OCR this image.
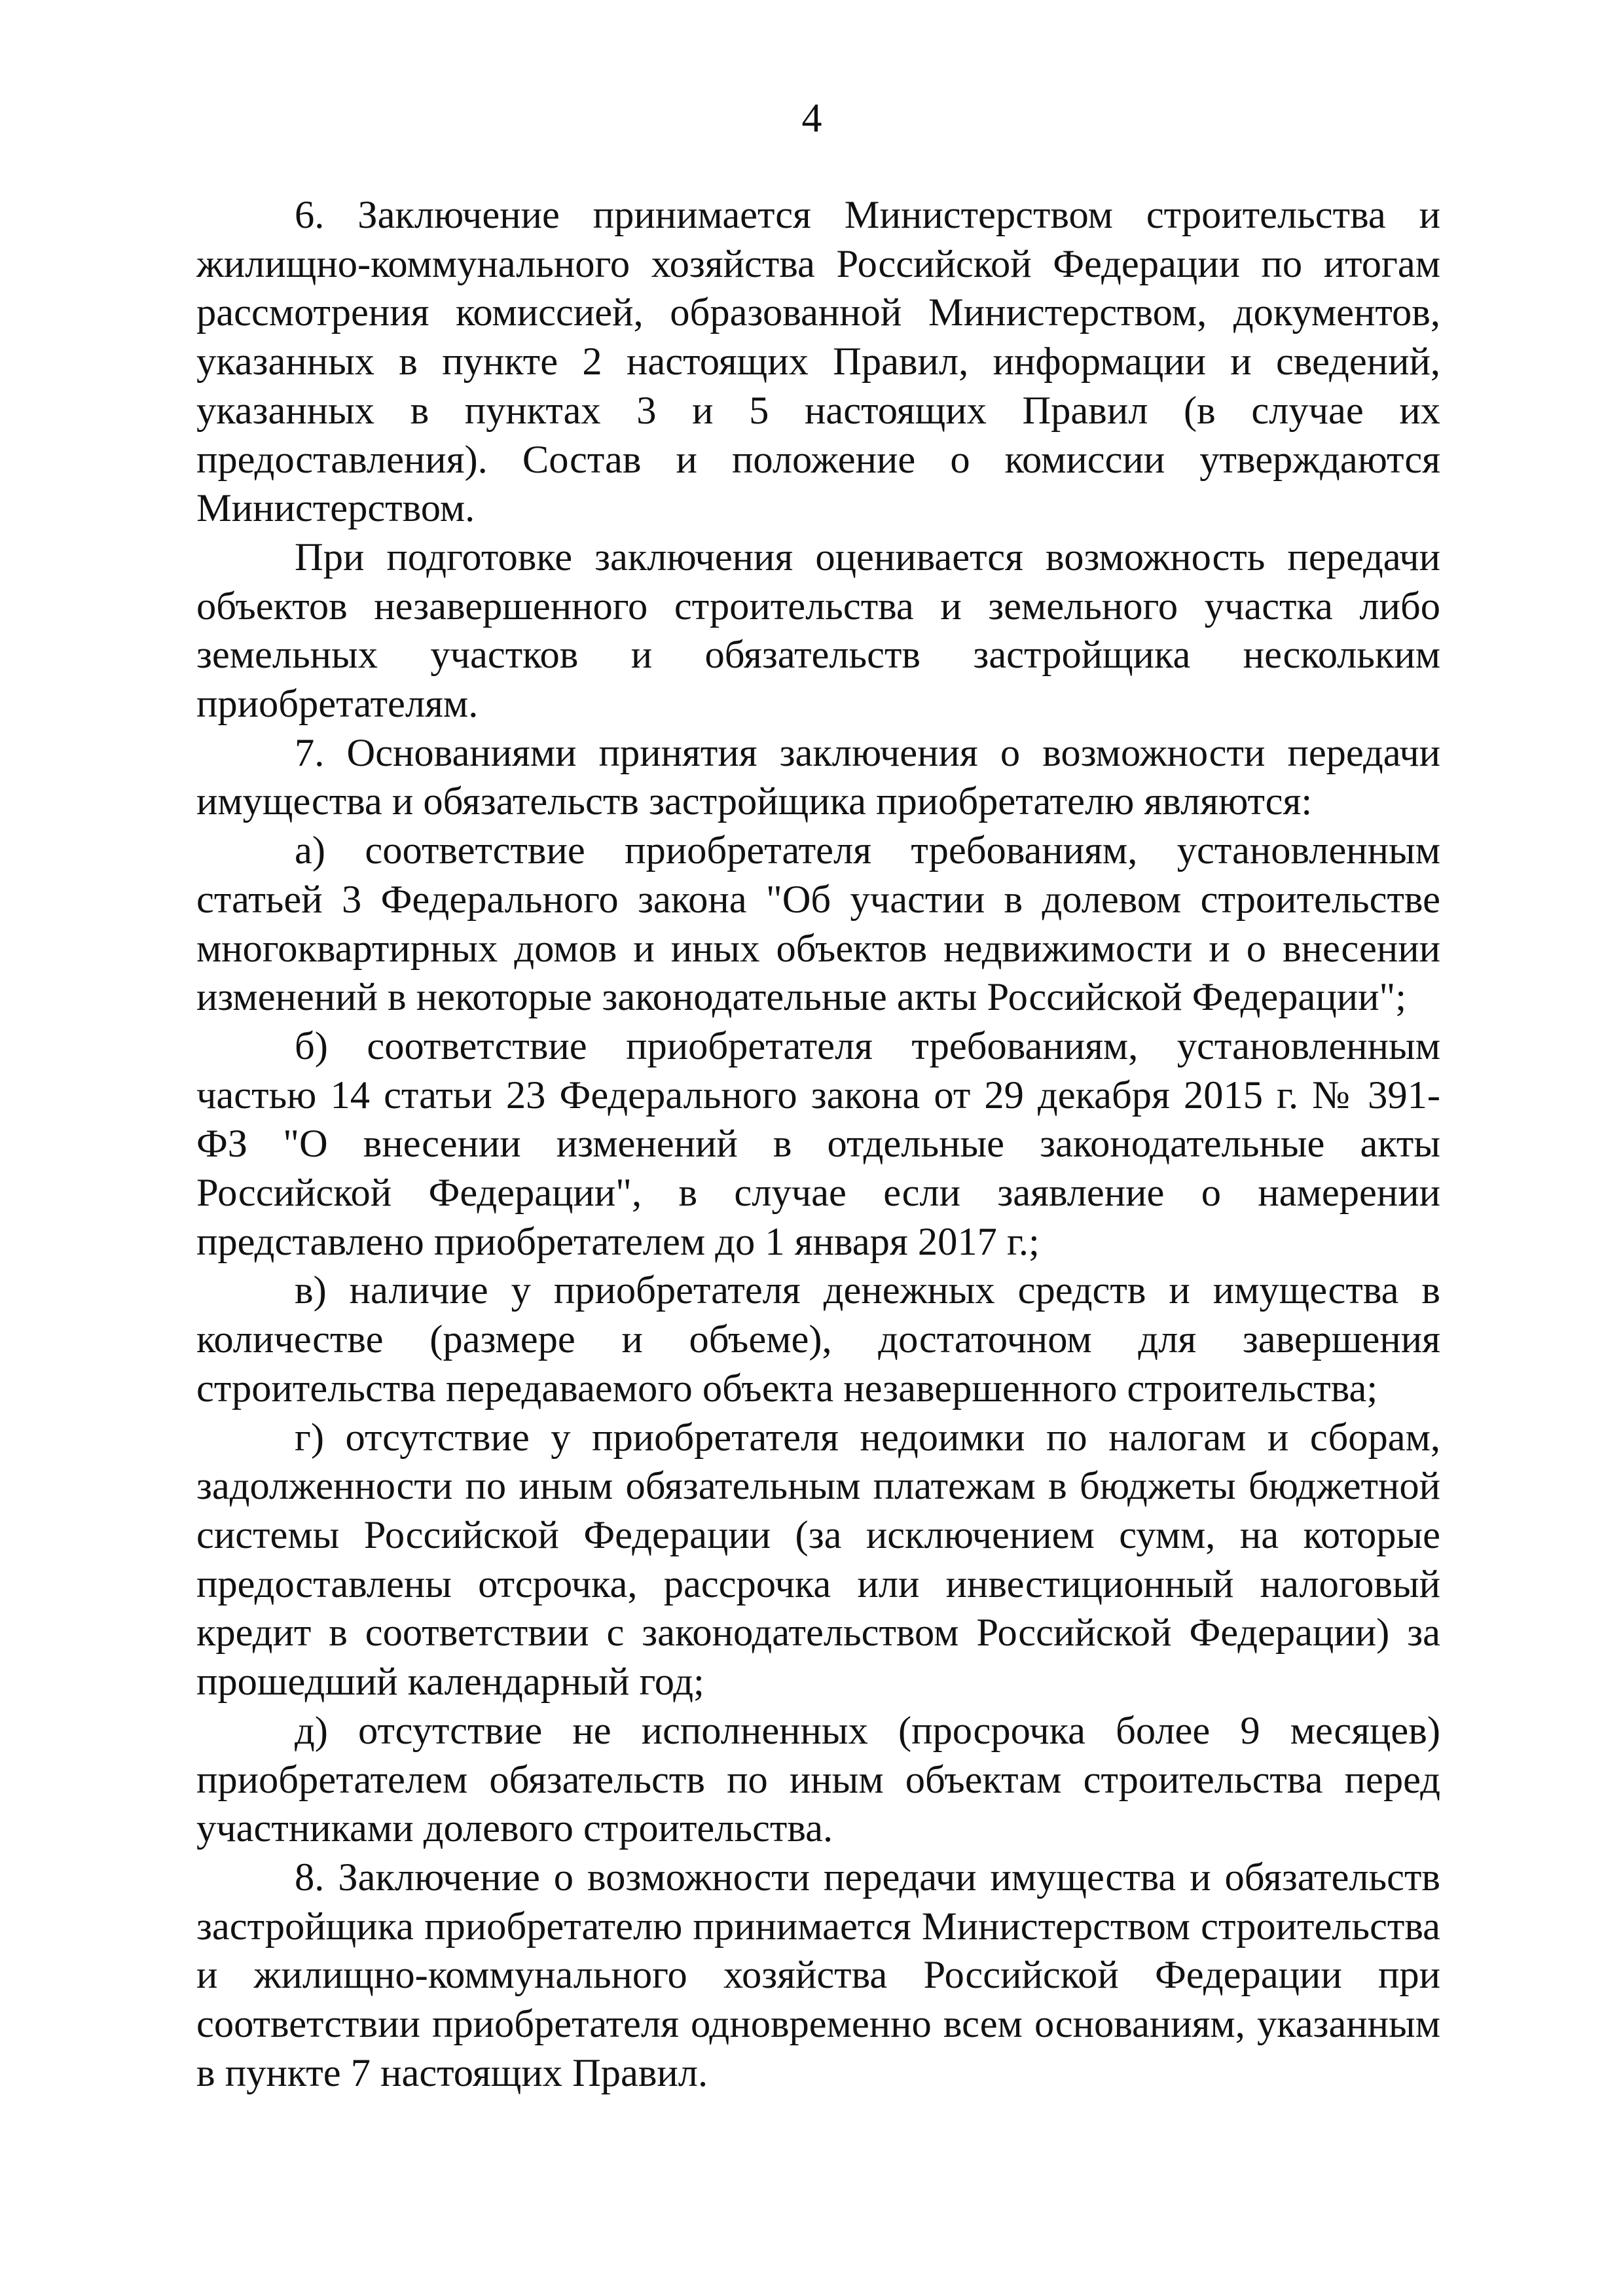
4

6. Заключение принимается Министерством строительства и жилищно-коммунального хозяйства Российской Федерации по итогам рассмотрения комиссией, образованной Министерством, документов, указанных в пункте 2 настоящих Правил, информации и сведений, указанных в пунктах 3 и 5 настоящих Правил (в случае их предоставления). Состав и положение о комиссии утверждаются Министерством.

При подготовке заключения оценивается возможность передачи объектов незавершенного строительства и земельного участка либо земельных участков и обязательств застройщика нескольким приобретателям.

7. Основаниями принятия заключения о возможности передачи имущества и обязательств застройщика приобретателю являются:

а) соответствие приобретателя требованиям, установленным статьей 3 Федерального закона "Об участии в долевом строительстве многоквартирных домов и иных объектов недвижимости и о внесении изменений в некоторые законодательные акты Российской Федерации";

б) соответствие приобретателя требованиям, установленным частью 14 статьи 23 Федерального закона от 29 декабря 2015 г. № 391-ФЗ "О внесении изменений в отдельные законодательные акты Российской Федерации", в случае если заявление о намерении представлено приобретателем до 1 января 2017 г.;

в) наличие у приобретателя денежных средств и имущества в количестве (размере и объеме), достаточном для завершения строительства передаваемого объекта незавершенного строительства;

г) отсутствие у приобретателя недоимки по налогам и сборам, задолженности по иным обязательным платежам в бюджеты бюджетной системы Российской Федерации (за исключением сумм, на которые предоставлены отсрочка, рассрочка или инвестиционный налоговый кредит в соответствии с законодательством Российской Федерации) за прошедший календарный год;

д) отсутствие не исполненных (просрочка более 9 месяцев) приобретателем обязательств по иным объектам строительства перед участниками долевого строительства.

8. Заключение о возможности передачи имущества и обязательств застройщика приобретателю принимается Министерством строительства и жилищно-коммунального хозяйства Российской Федерации при соответствии приобретателя одновременно всем основаниям, указанным в пункте 7 настоящих Правил.
